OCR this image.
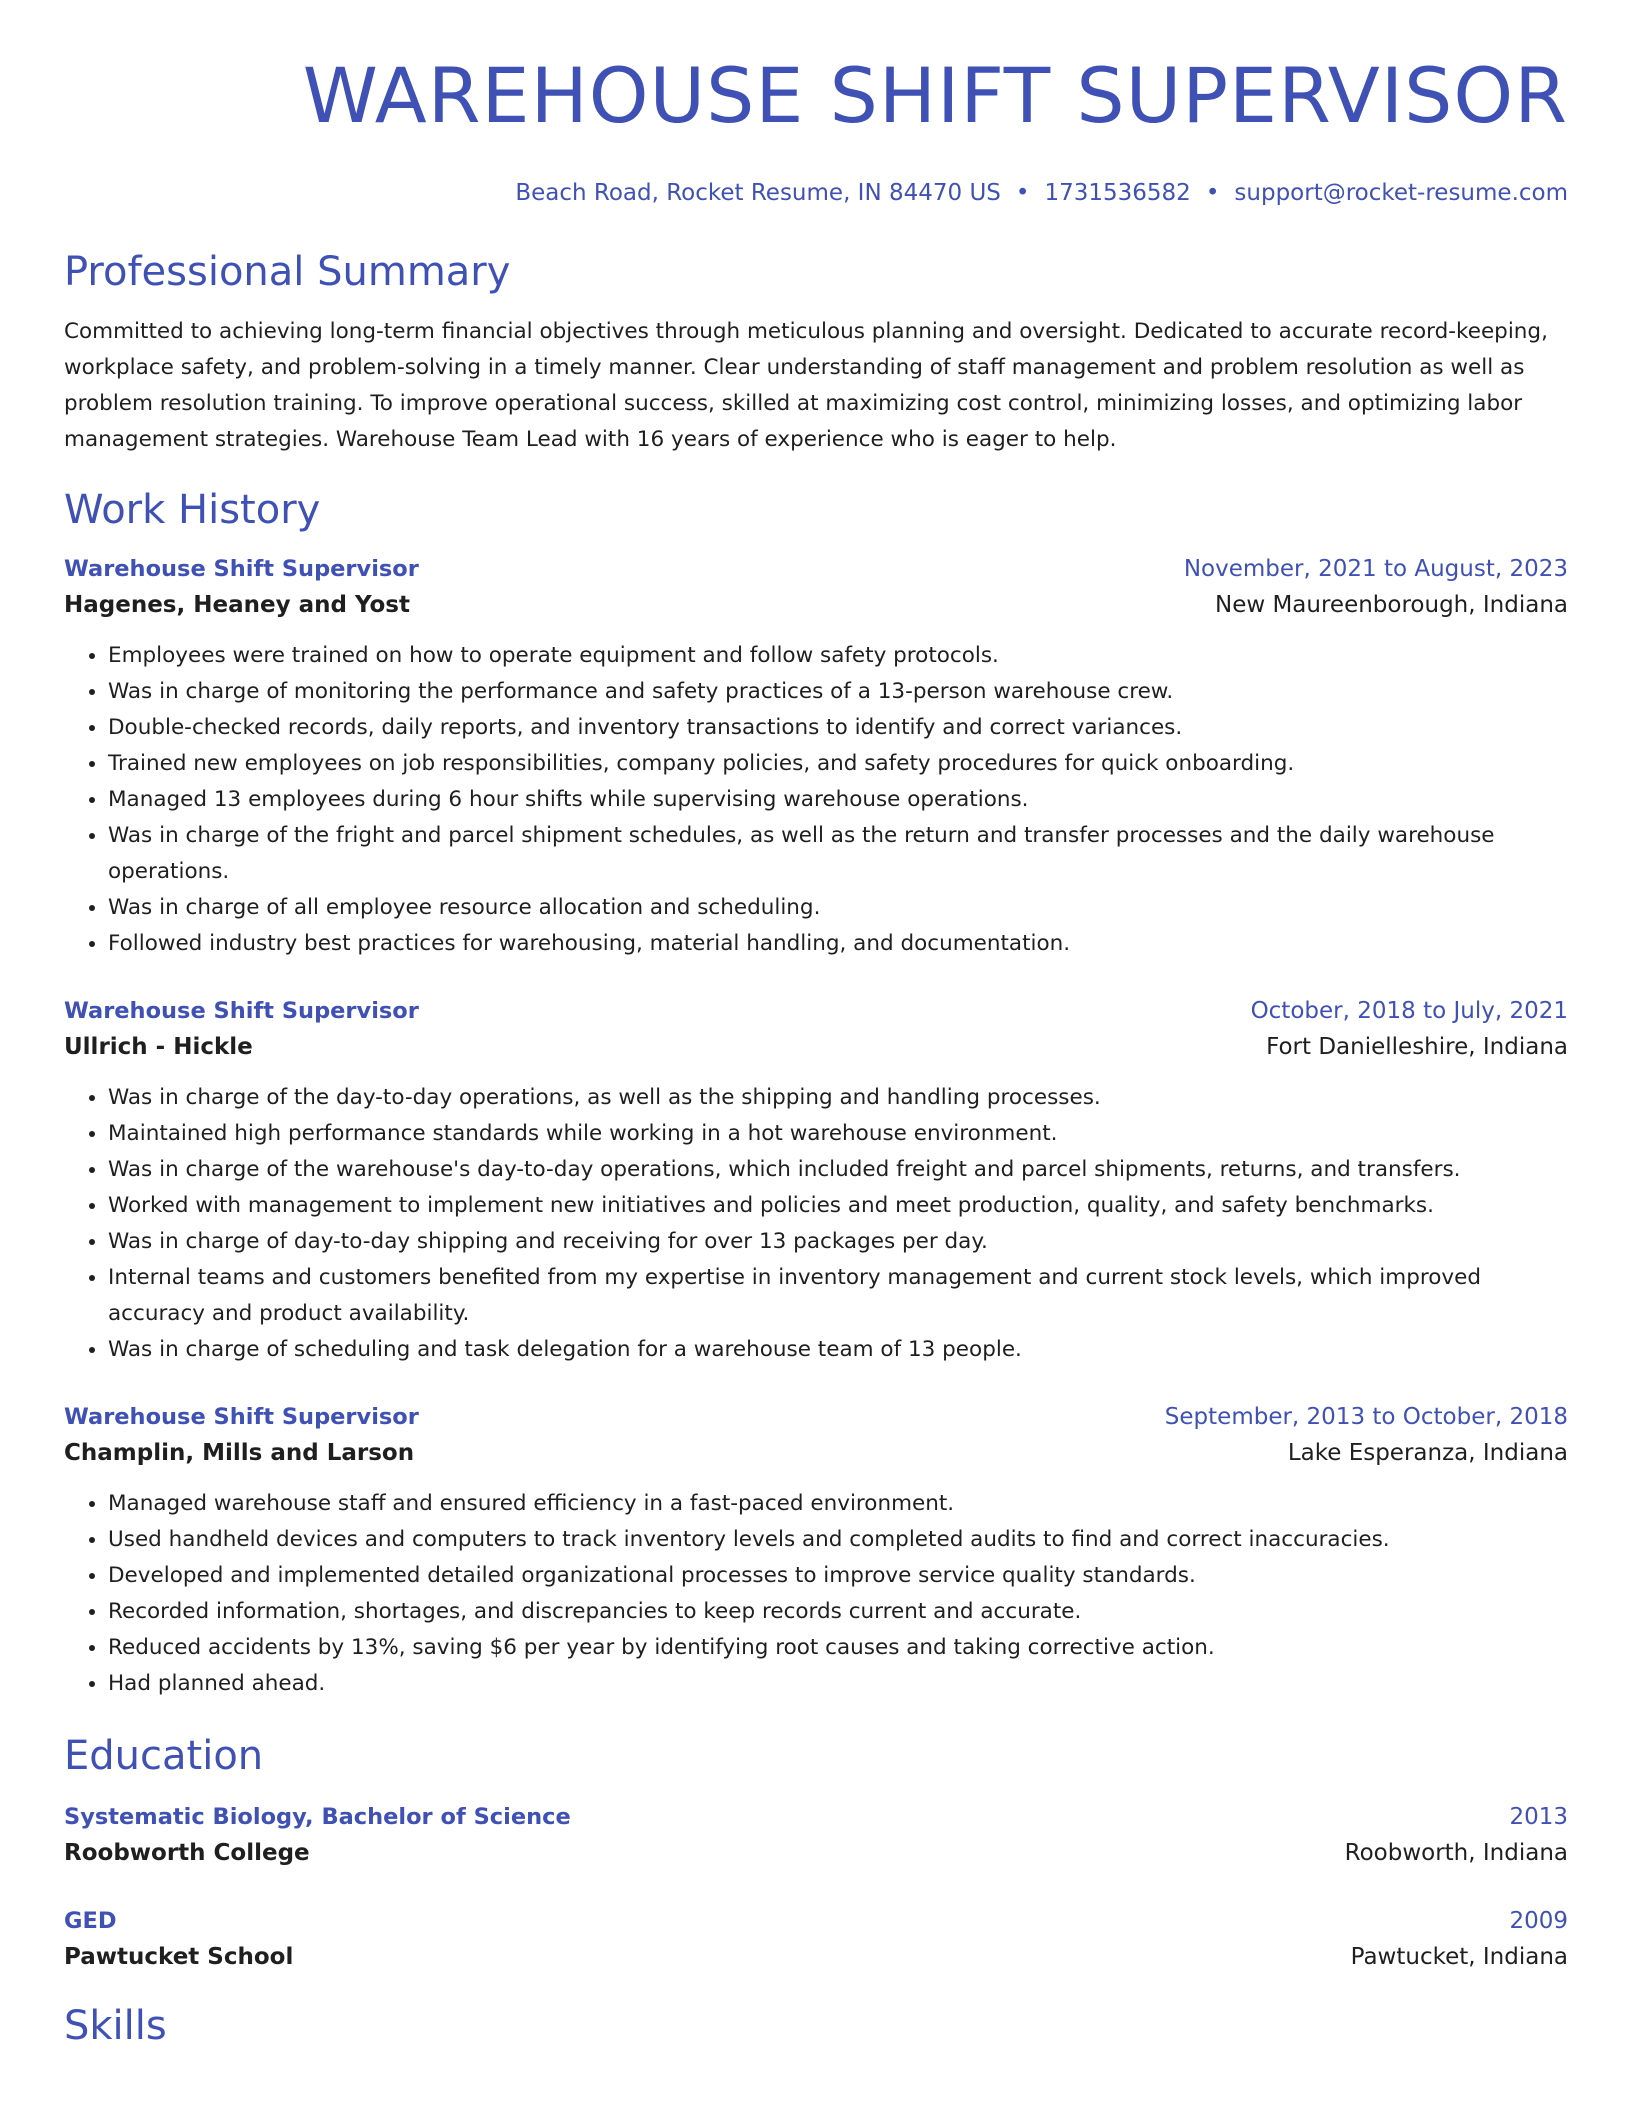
WAREHOUSE SHIFT SUPERVISOR
Beach Road, Rocket Resume, IN 84470 US • 1731536582 • support@rocket-resume.com
Professional Summary
Committed to achieving long-term financial objectives through meticulous planning and oversight. Dedicated to accurate record-keeping, workplace safety, and problem-solving in a timely manner. Clear understanding of staff management and problem resolution as well as problem resolution training. To improve operational success, skilled at maximizing cost control, minimizing losses, and optimizing labor management strategies. Warehouse Team Lead with 16 years of experience who is eager to help.
Work History
Warehouse Shift Supervisor	November, 2021 to August, 2023
Hagenes, Heaney and Yost	New Maureenborough, Indiana
• Employees were trained on how to operate equipment and follow safety protocols.
• Was in charge of monitoring the performance and safety practices of a 13-person warehouse crew.
• Double-checked records, daily reports, and inventory transactions to identify and correct variances.
• Trained new employees on job responsibilities, company policies, and safety procedures for quick onboarding.
• Managed 13 employees during 6 hour shifts while supervising warehouse operations.
• Was in charge of the fright and parcel shipment schedules, as well as the return and transfer processes and the daily warehouse operations.
• Was in charge of all employee resource allocation and scheduling.
• Followed industry best practices for warehousing, material handling, and documentation.
Warehouse Shift Supervisor	October, 2018 to July, 2021
Ullrich - Hickle	Fort Danielleshire, Indiana
• Was in charge of the day-to-day operations, as well as the shipping and handling processes.
• Maintained high performance standards while working in a hot warehouse environment.
• Was in charge of the warehouse's day-to-day operations, which included freight and parcel shipments, returns, and transfers.
• Worked with management to implement new initiatives and policies and meet production, quality, and safety benchmarks.
• Was in charge of day-to-day shipping and receiving for over 13 packages per day.
• Internal teams and customers benefited from my expertise in inventory management and current stock levels, which improved accuracy and product availability.
• Was in charge of scheduling and task delegation for a warehouse team of 13 people.
Warehouse Shift Supervisor	September, 2013 to October, 2018
Champlin, Mills and Larson	Lake Esperanza, Indiana
• Managed warehouse staff and ensured efficiency in a fast-paced environment.
• Used handheld devices and computers to track inventory levels and completed audits to find and correct inaccuracies.
• Developed and implemented detailed organizational processes to improve service quality standards.
• Recorded information, shortages, and discrepancies to keep records current and accurate.
• Reduced accidents by 13%, saving $6 per year by identifying root causes and taking corrective action.
• Had planned ahead.
Education
Systematic Biology, Bachelor of Science	2013
Roobworth College	Roobworth, Indiana
GED	2009
Pawtucket School	Pawtucket, Indiana
Skills
